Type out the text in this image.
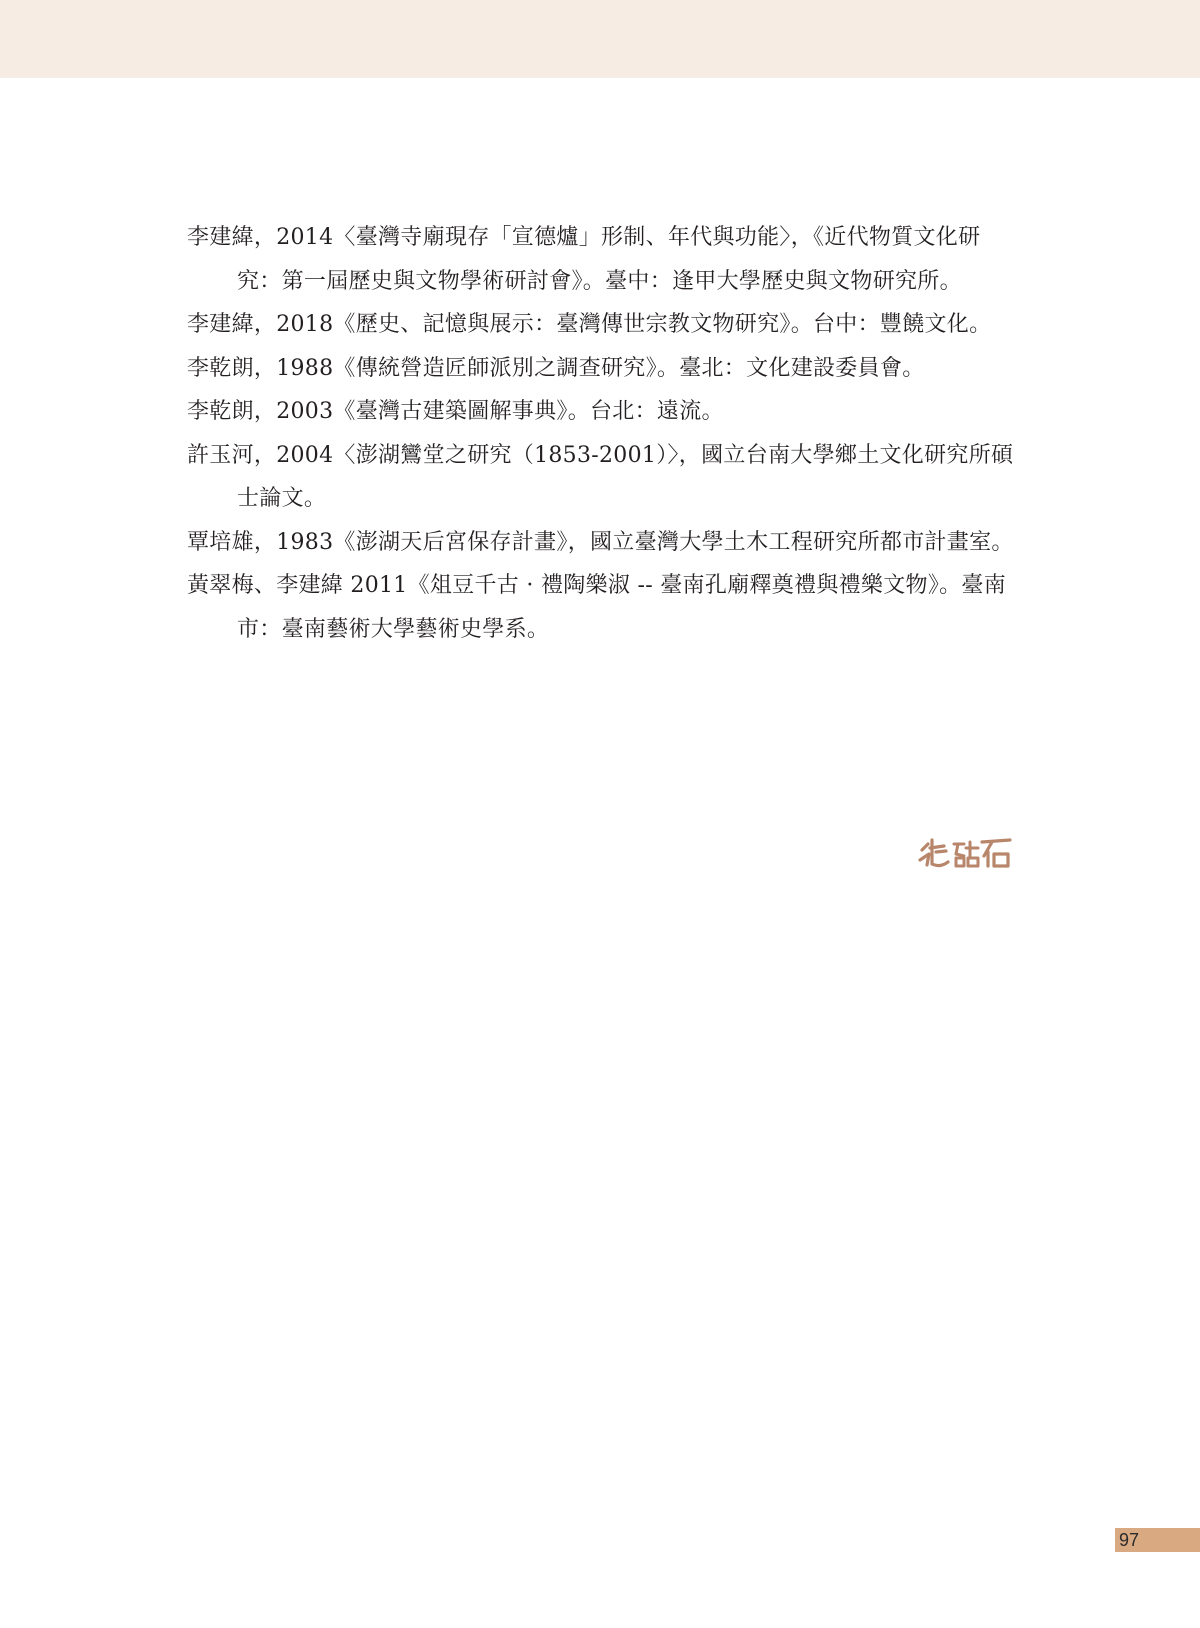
李建緯，2014〈臺灣寺廟現存「宣德爐」形制、年代與功能〉，《近代物質文化研究：第一屆歷史與文物學術研討會》。臺中：逢甲大學歷史與文物研究所。
李建緯，2018《歷史、記憶與展示：臺灣傳世宗教文物研究》。台中：豐饒文化。
李乾朗，1988《傳統營造匠師派別之調查研究》。臺北：文化建設委員會。
李乾朗，2003《臺灣古建築圖解事典》。台北：遠流。
許玉河，2004〈澎湖鸞堂之研究（1853-2001）〉，國立台南大學鄉土文化研究所碩士論文。
覃培雄，1983《澎湖天后宮保存計畫》，國立臺灣大學土木工程研究所都市計畫室。
黃翠梅、李建緯 2011《俎豆千古 · 禮陶樂淑 -- 臺南孔廟釋奠禮與禮樂文物》。臺南市：臺南藝術大學藝術史學系。
97
